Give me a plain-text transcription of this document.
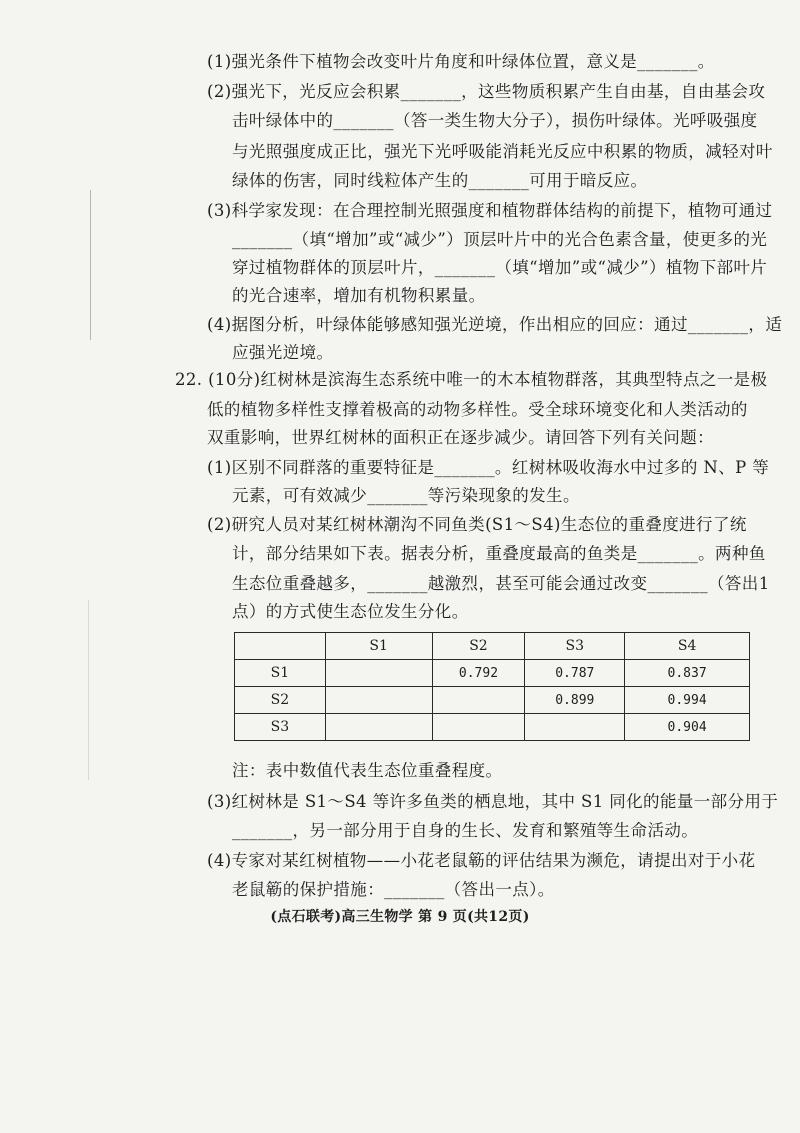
(1)强光条件下植物会改变叶片角度和叶绿体位置，意义是_______。
(2)强光下，光反应会积累_______，这些物质积累产生自由基，自由基会攻
击叶绿体中的_______（答一类生物大分子），损伤叶绿体。光呼吸强度
与光照强度成正比，强光下光呼吸能消耗光反应中积累的物质，减轻对叶
绿体的伤害，同时线粒体产生的_______可用于暗反应。
(3)科学家发现：在合理控制光照强度和植物群体结构的前提下，植物可通过
_______（填“增加”或“减少”）顶层叶片中的光合色素含量，使更多的光
穿过植物群体的顶层叶片，_______（填“增加”或“减少”）植物下部叶片
的光合速率，增加有机物积累量。
(4)据图分析，叶绿体能够感知强光逆境，作出相应的回应：通过_______，适
应强光逆境。
22. (10分)红树林是滨海生态系统中唯一的木本植物群落，其典型特点之一是极
低的植物多样性支撑着极高的动物多样性。受全球环境变化和人类活动的
双重影响，世界红树林的面积正在逐步减少。请回答下列有关问题：
(1)区别不同群落的重要特征是_______。红树林吸收海水中过多的 N、P 等
元素，可有效减少_______等污染现象的发生。
(2)研究人员对某红树林潮沟不同鱼类(S1～S4)生态位的重叠度进行了统
计，部分结果如下表。据表分析，重叠度最高的鱼类是_______。两种鱼
生态位重叠越多，_______越激烈，甚至可能会通过改变_______（答出1
点）的方式使生态位发生分化。
	S1	S2	S3	S4
S1		0.792	0.787	0.837
S2			0.899	0.994
S3				0.904
注：表中数值代表生态位重叠程度。
(3)红树林是 S1～S4 等许多鱼类的栖息地，其中 S1 同化的能量一部分用于
_______，另一部分用于自身的生长、发育和繁殖等生命活动。
(4)专家对某红树植物——小花老鼠簕的评估结果为濒危，请提出对于小花
老鼠簕的保护措施：_______（答出一点）。
(点石联考)高三生物学 第 9 页(共12页)
